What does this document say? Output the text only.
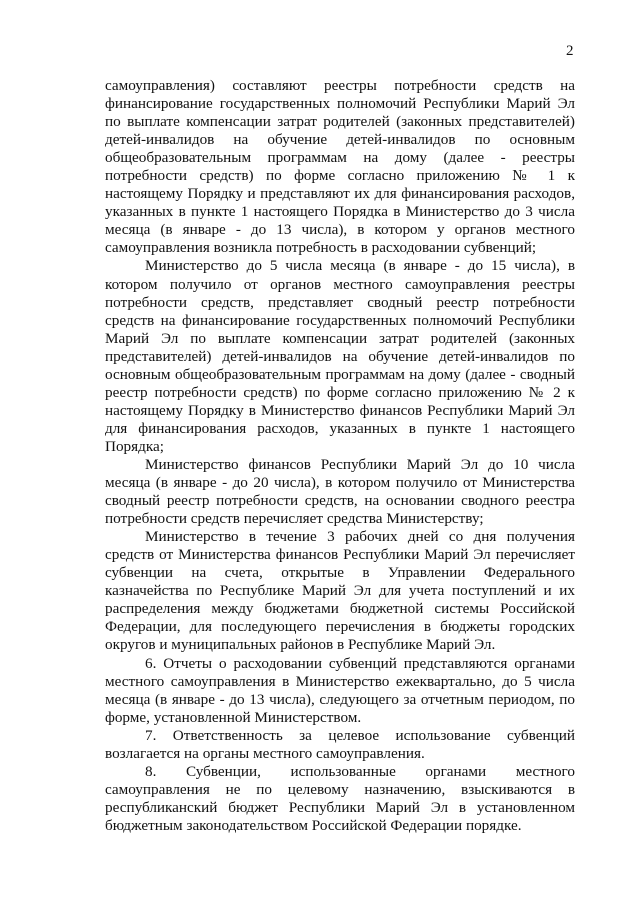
2

самоуправления) составляют реестры потребности средств на финансирование государственных полномочий Республики Марий Эл по выплате компенсации затрат родителей (законных представителей) детей-инвалидов на обучение детей-инвалидов по основным общеобразовательным программам на дому (далее - реестры потребности средств) по форме согласно приложению № 1 к настоящему Порядку и представляют их для финансирования расходов, указанных в пункте 1 настоящего Порядка в Министерство до 3 числа месяца (в январе - до 13 числа), в котором у органов местного самоуправления возникла потребность в расходовании субвенций;

Министерство до 5 числа месяца (в январе - до 15 числа), в котором получило от органов местного самоуправления реестры потребности средств, представляет сводный реестр потребности средств на финансирование государственных полномочий Республики Марий Эл по выплате компенсации затрат родителей (законных представителей) детей-инвалидов на обучение детей-инвалидов по основным общеобразовательным программам на дому (далее - сводный реестр потребности средств) по форме согласно приложению № 2 к настоящему Порядку в Министерство финансов Республики Марий Эл для финансирования расходов, указанных в пункте 1 настоящего Порядка;

Министерство финансов Республики Марий Эл до 10 числа месяца (в январе - до 20 числа), в котором получило от Министерства сводный реестр потребности средств, на основании сводного реестра потребности средств перечисляет средства Министерству;

Министерство в течение 3 рабочих дней со дня получения средств от Министерства финансов Республики Марий Эл перечисляет субвенции на счета, открытые в Управлении Федерального казначейства по Республике Марий Эл для учета поступлений и их распределения между бюджетами бюджетной системы Российской Федерации, для последующего перечисления в бюджеты городских округов и муниципальных районов в Республике Марий Эл.

6. Отчеты о расходовании субвенций представляются органами местного самоуправления в Министерство ежеквартально, до 5 числа месяца (в январе - до 13 числа), следующего за отчетным периодом, по форме, установленной Министерством.

7. Ответственность за целевое использование субвенций возлагается на органы местного самоуправления.

8. Субвенции, использованные органами местного самоуправления не по целевому назначению, взыскиваются в республиканский бюджет Республики Марий Эл в установленном бюджетным законодательством Российской Федерации порядке.
